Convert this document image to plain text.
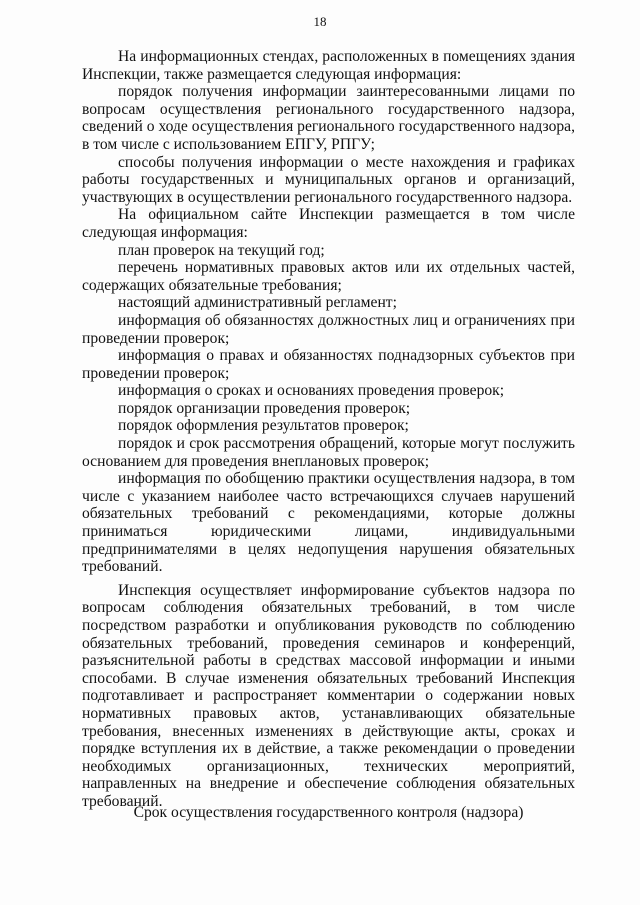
18

На информационных стендах, расположенных в помещениях здания Инспекции, также размещается следующая информация:

порядок получения информации заинтересованными лицами по вопросам осуществления регионального государственного надзора, сведений о ходе осуществления регионального государственного надзора, в том числе с использованием ЕПГУ, РПГУ;

способы получения информации о месте нахождения и графиках работы государственных и муниципальных органов и организаций, участвующих в осуществлении регионального государственного надзора.

На официальном сайте Инспекции размещается в том числе следующая информация:

план проверок на текущий год;

перечень нормативных правовых актов или их отдельных частей, содержащих обязательные требования;

настоящий административный регламент;

информация об обязанностях должностных лиц и ограничениях при проведении проверок;

информация о правах и обязанностях поднадзорных субъектов при проведении проверок;

информация о сроках и основаниях проведения проверок;

порядок организации проведения проверок;

порядок оформления результатов проверок;

порядок и срок рассмотрения обращений, которые могут послужить основанием для проведения внеплановых проверок;

информация по обобщению практики осуществления надзора, в том числе с указанием наиболее часто встречающихся случаев нарушений обязательных требований с рекомендациями, которые должны приниматься юридическими лицами, индивидуальными предпринимателями в целях недопущения нарушения обязательных требований.

Инспекция осуществляет информирование субъектов надзора по вопросам соблюдения обязательных требований, в том числе посредством разработки и опубликования руководств по соблюдению обязательных требований, проведения семинаров и конференций, разъяснительной работы в средствах массовой информации и иными способами. В случае изменения обязательных требований Инспекция подготавливает и распространяет комментарии о содержании новых нормативных правовых актов, устанавливающих обязательные требования, внесенных изменениях в действующие акты, сроках и порядке вступления их в действие, а также рекомендации о проведении необходимых организационных, технических мероприятий, направленных на внедрение и обеспечение соблюдения обязательных требований.

Срок осуществления государственного контроля (надзора)
